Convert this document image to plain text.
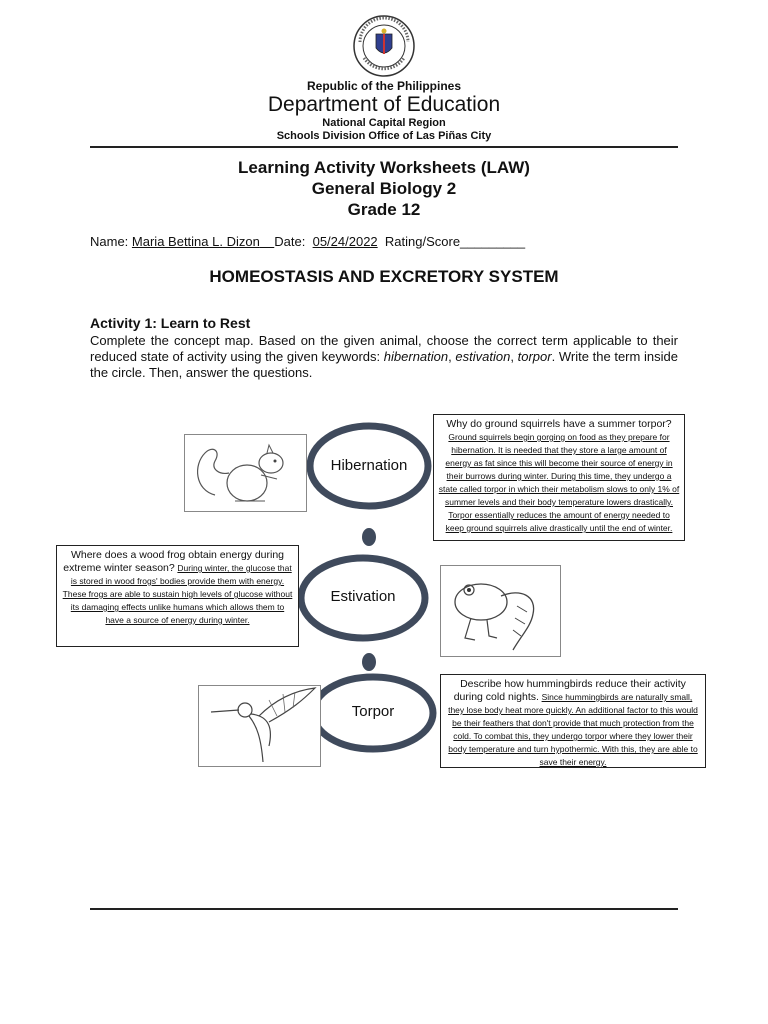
Republic of the Philippines
Department of Education
National Capital Region
Schools Division Office of Las Piñas City
Learning Activity Worksheets (LAW)
General Biology 2
Grade 12
Name: Maria Bettina L. Dizon Date: 05/24/2022 Rating/Score_________
HOMEOSTASIS AND EXCRETORY SYSTEM
Activity 1: Learn to Rest
Complete the concept map. Based on the given animal, choose the correct term applicable to their reduced state of activity using the given keywords: hibernation, estivation, torpor. Write the term inside the circle. Then, answer the questions.
Hibernation
Estivation
Torpor
Why do ground squirrels have a summer torpor? Ground squirrels begin gorging on food as they prepare for hibernation. It is needed that they store a large amount of energy as fat since this will become their source of energy in their burrows during winter. During this time, they undergo a state called torpor in which their metabolism slows to only 1% of summer levels and their body temperature lowers drastically. Torpor essentially reduces the amount of energy needed to keep ground squirrels alive drastically until the end of winter.
Where does a wood frog obtain energy during extreme winter season? During winter, the glucose that is stored in wood frogs' bodies provide them with energy. These frogs are able to sustain high levels of glucose without its damaging effects unlike humans which allows them to have a source of energy during winter.
Describe how hummingbirds reduce their activity during cold nights. Since hummingbirds are naturally small, they lose body heat more quickly. An additional factor to this would be their feathers that don't provide that much protection from the cold. To combat this, they undergo torpor where they lower their body temperature and turn hypothermic. With this, they are able to save their energy.
